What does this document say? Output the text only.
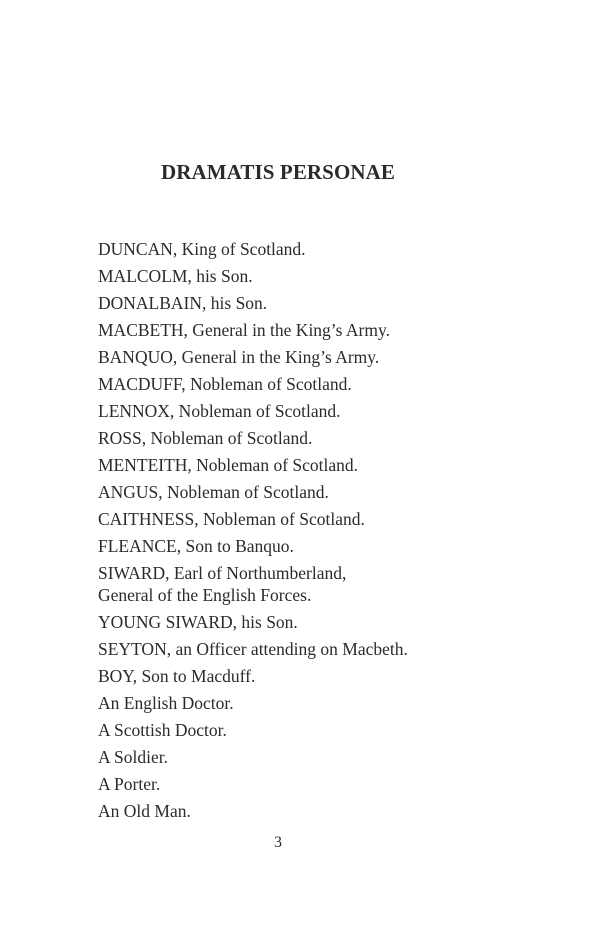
DRAMATIS PERSONAE
DUNCAN, King of Scotland.
MALCOLM, his Son.
DONALBAIN, his Son.
MACBETH, General in the King’s Army.
BANQUO, General in the King’s Army.
MACDUFF, Nobleman of Scotland.
LENNOX, Nobleman of Scotland.
ROSS, Nobleman of Scotland.
MENTEITH, Nobleman of Scotland.
ANGUS, Nobleman of Scotland.
CAITHNESS, Nobleman of Scotland.
FLEANCE, Son to Banquo.
SIWARD, Earl of Northumberland,
General of the English Forces.
YOUNG SIWARD, his Son.
SEYTON, an Officer attending on Macbeth.
BOY, Son to Macduff.
An English Doctor.
A Scottish Doctor.
A Soldier.
A Porter.
An Old Man.
3
